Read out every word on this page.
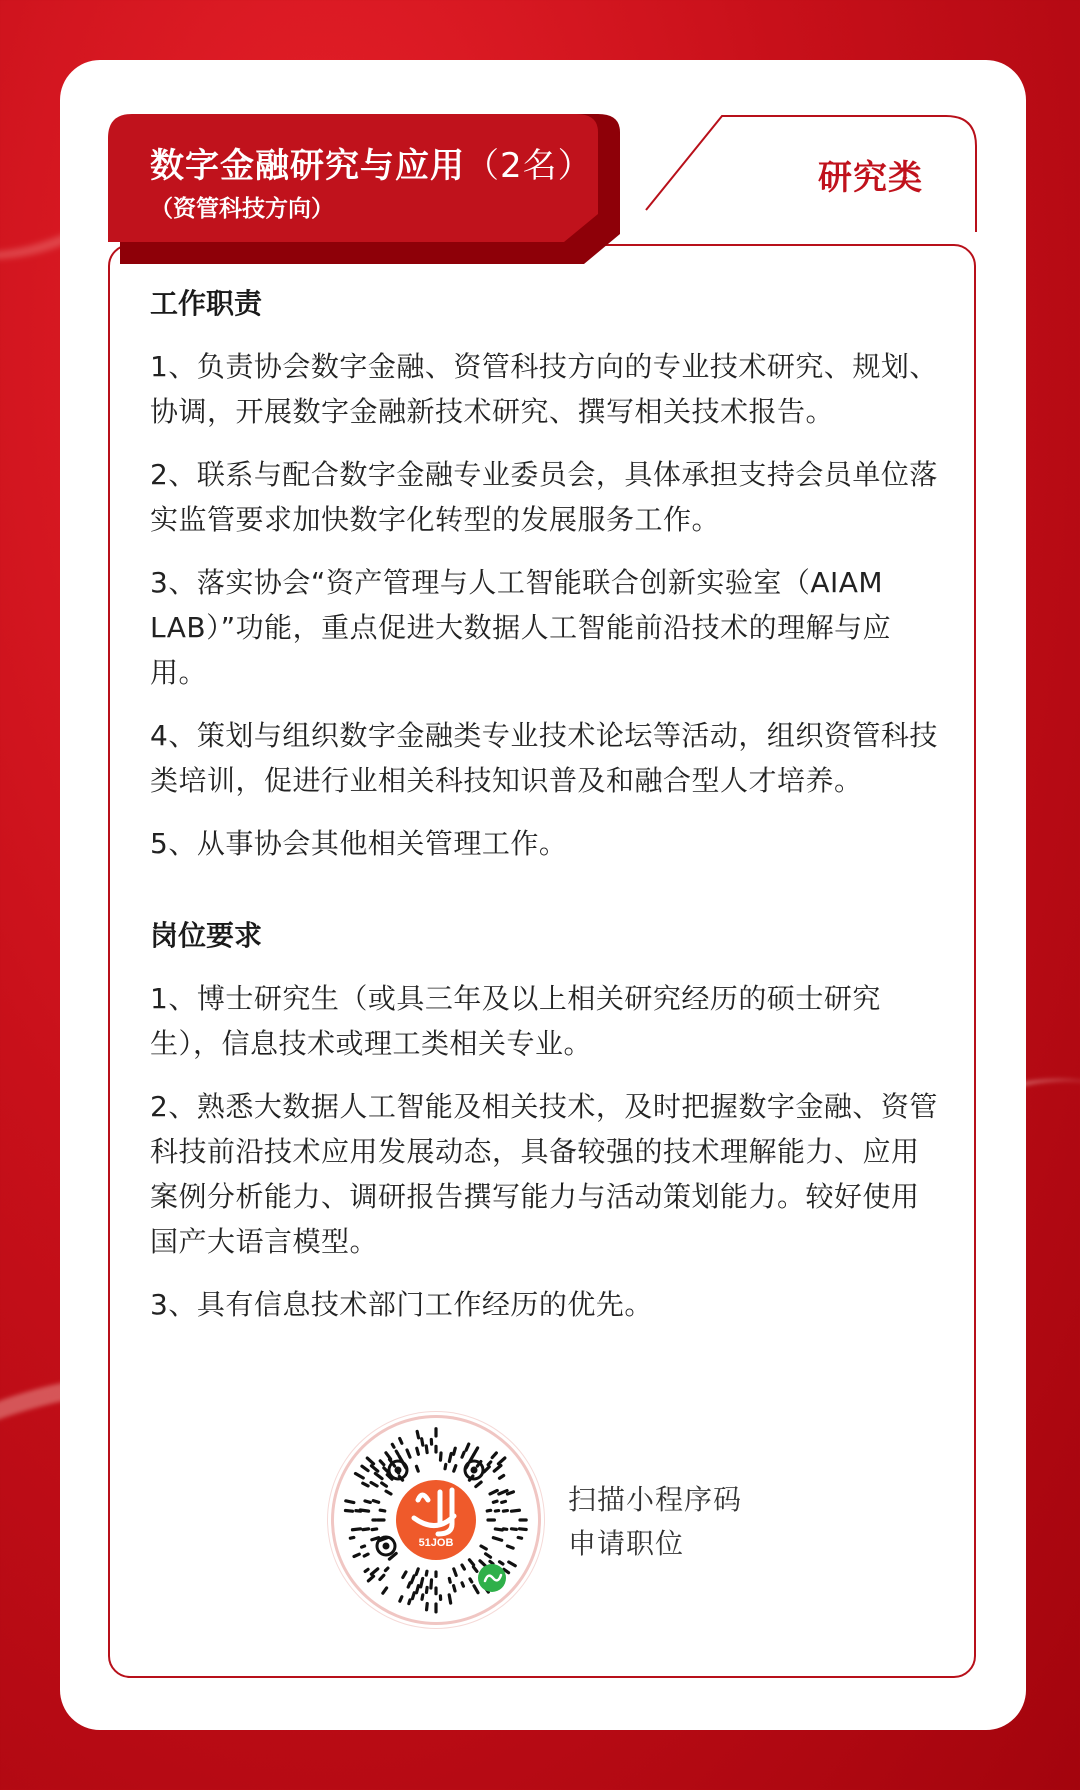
数字金融研究与应用（2名）
（资管科技方向）
研究类
工作职责
1、负责协会数字金融、资管科技方向的专业技术研究、规划、协调，开展数字金融新技术研究、撰写相关技术报告。
2、联系与配合数字金融专业委员会，具体承担支持会员单位落实监管要求加快数字化转型的发展服务工作。
3、落实协会“资产管理与人工智能联合创新实验室（AIAM LAB）”功能，重点促进大数据人工智能前沿技术的理解与应用。
4、策划与组织数字金融类专业技术论坛等活动，组织资管科技类培训，促进行业相关科技知识普及和融合型人才培养。
5、从事协会其他相关管理工作。
岗位要求
1、博士研究生（或具三年及以上相关研究经历的硕士研究生），信息技术或理工类相关专业。
2、熟悉大数据人工智能及相关技术，及时把握数字金融、资管科技前沿技术应用发展动态，具备较强的技术理解能力、应用案例分析能力、调研报告撰写能力与活动策划能力。较好使用国产大语言模型。
3、具有信息技术部门工作经历的优先。
51JOB
扫描小程序码
申请职位
